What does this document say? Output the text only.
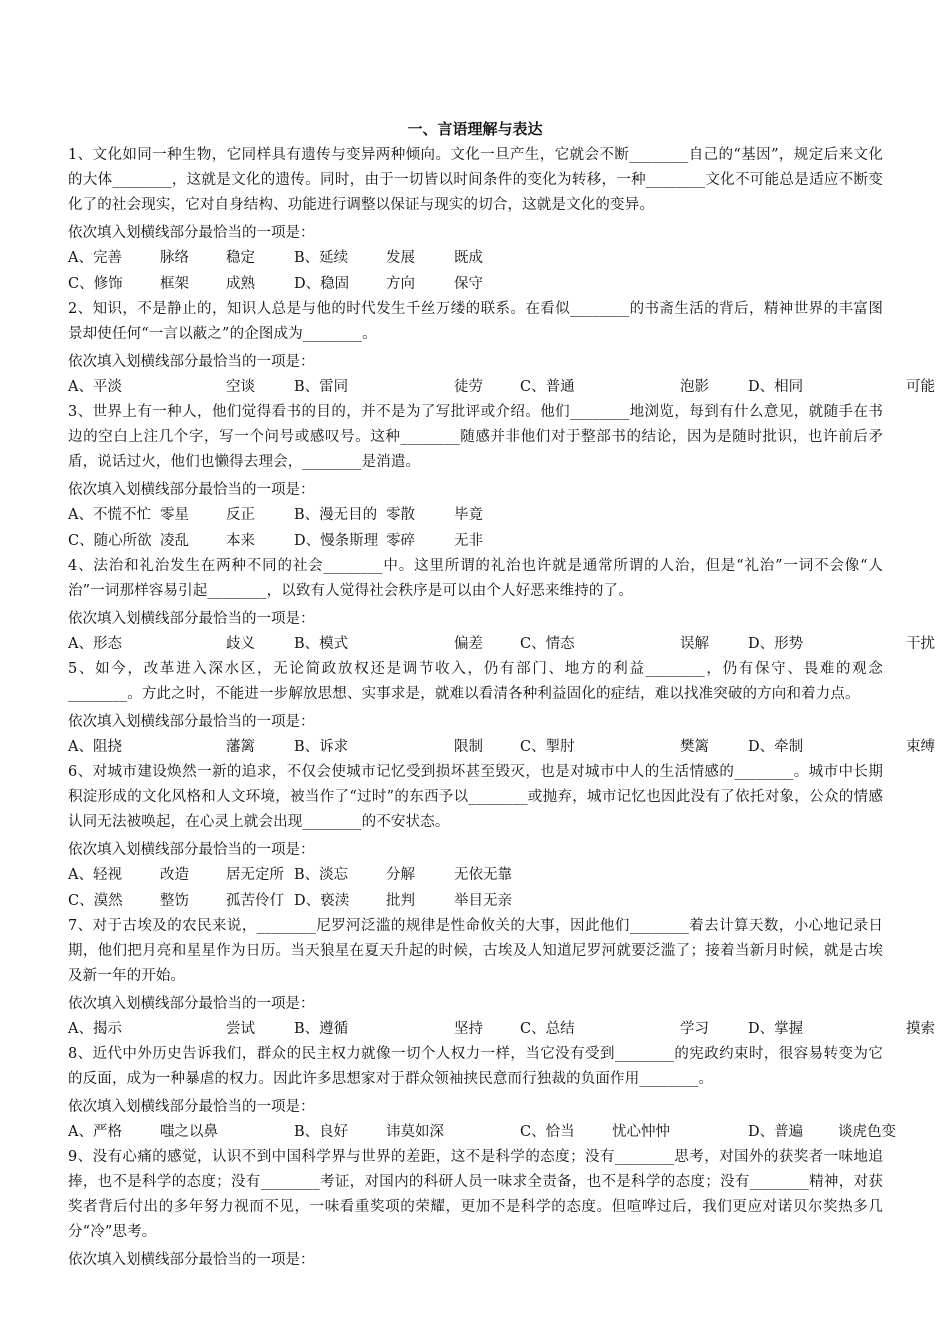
一、言语理解与表达
1、文化如同一种生物，它同样具有遗传与变异两种倾向。文化一旦产生，它就会不断________自己的“基因”，规定后来文化的大体________，这就是文化的遗传。同时，由于一切皆以时间条件的变化为转移，一种________文化不可能总是适应不断变化了的社会现实，它对自身结构、功能进行调整以保证与现实的切合，这就是文化的变异。
依次填入划横线部分最恰当的一项是：
A、完善	脉络	稳定	B、延续	发展	既成
C、修饰	框架	成熟	D、稳固	方向	保守
2、知识，不是静止的，知识人总是与他的时代发生千丝万缕的联系。在看似________的书斋生活的背后，精神世界的丰富图景却使任何“一言以蔽之”的企图成为________。
依次填入划横线部分最恰当的一项是：
A、平淡	空谈	B、雷同	徒劳	C、普通	泡影	D、相同	可能
3、世界上有一种人，他们觉得看书的目的，并不是为了写批评或介绍。他们________地浏览，每到有什么意见，就随手在书边的空白上注几个字，写一个问号或感叹号。这种________随感并非他们对于整部书的结论，因为是随时批识，也许前后矛盾，说话过火，他们也懒得去理会，________是消遣。
依次填入划横线部分最恰当的一项是：
A、不慌不忙 零星	反正	B、漫无目的 零散	毕竟
C、随心所欲 凌乱	本来	D、慢条斯理 零碎	无非
4、法治和礼治发生在两种不同的社会________中。这里所谓的礼治也许就是通常所谓的人治，但是“礼治”一词不会像“人治”一词那样容易引起________，以致有人觉得社会秩序是可以由个人好恶来维持的了。
依次填入划横线部分最恰当的一项是：
A、形态	歧义	B、模式	偏差	C、情态	误解	D、形势	干扰
5、如今，改革进入深水区，无论简政放权还是调节收入，仍有部门、地方的利益________，仍有保守、畏难的观念________。方此之时，不能进一步解放思想、实事求是，就难以看清各种利益固化的症结，难以找准突破的方向和着力点。
依次填入划横线部分最恰当的一项是：
A、阻挠	藩篱	B、诉求	限制	C、掣肘	樊篱	D、牵制	束缚
6、对城市建设焕然一新的追求，不仅会使城市记忆受到损坏甚至毁灭，也是对城市中人的生活情感的________。城市中长期积淀形成的文化风格和人文环境，被当作了“过时”的东西予以________或抛弃，城市记忆也因此没有了依托对象，公众的情感认同无法被唤起，在心灵上就会出现________的不安状态。
依次填入划横线部分最恰当的一项是：
A、轻视	改造	居无定所 B、淡忘	分解	无依无靠
C、漠然	整饬	孤苦伶仃 D、亵渎	批判	举目无亲
7、对于古埃及的农民来说，________尼罗河泛滥的规律是性命攸关的大事，因此他们________着去计算天数，小心地记录日期，他们把月亮和星星作为日历。当天狼星在夏天升起的时候，古埃及人知道尼罗河就要泛滥了；接着当新月时候，就是古埃及新一年的开始。
依次填入划横线部分最恰当的一项是：
A、揭示	尝试	B、遵循	坚持	C、总结	学习	D、掌握	摸索
8、近代中外历史告诉我们，群众的民主权力就像一切个人权力一样，当它没有受到________的宪政约束时，很容易转变为它的反面，成为一种暴虐的权力。因此许多思想家对于群众领袖挟民意而行独裁的负面作用________。
依次填入划横线部分最恰当的一项是：
A、严格	嗤之以鼻	B、良好	讳莫如深	C、恰当	忧心忡忡	D、普遍 谈虎色变
9、没有心痛的感觉，认识不到中国科学界与世界的差距，这不是科学的态度；没有________思考，对国外的获奖者一味地追捧，也不是科学的态度；没有________考证，对国内的科研人员一味求全责备，也不是科学的态度；没有________精神，对获奖者背后付出的多年努力视而不见，一味看重奖项的荣耀，更加不是科学的态度。但喧哗过后，我们更应对诺贝尔奖热多几分“冷”思考。
依次填入划横线部分最恰当的一项是：
